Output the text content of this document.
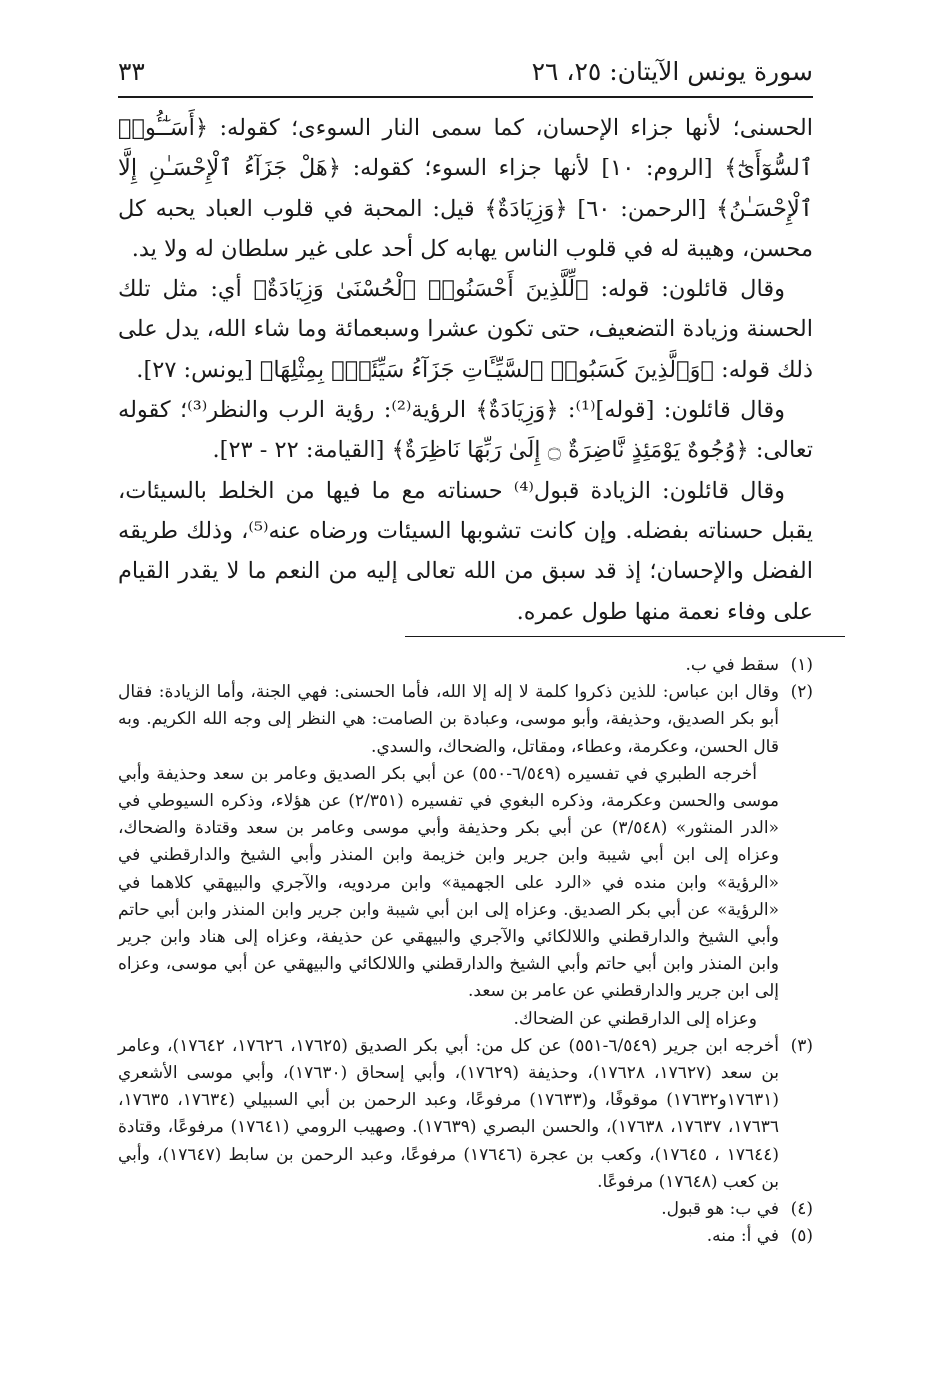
سورة يونس الآيتان: ٢٥، ٢٦
٣٣

الحسنى؛ لأنها جزاء الإحسان، كما سمى النار السوءى؛ كقوله: ﴿أَسَـٰٓـُٔوا۟ ٱلسُّوٓأَىٰٓ﴾ [الروم: ١٠] لأنها جزاء السوء؛ كقوله: ﴿هَلْ جَزَآءُ ٱلْإِحْسَـٰنِ إِلَّا ٱلْإِحْسَـٰنُ﴾ [الرحمن: ٦٠] ﴿وَزِيَادَةٌ﴾ قيل: المحبة في قلوب العباد يحبه كل محسن، وهيبة له في قلوب الناس يهابه كل أحد على غير سلطان له ولا يد.

وقال قائلون: قوله: ﴿لِّلَّذِينَ أَحْسَنُوا۟ ٱلْحُسْنَىٰ وَزِيَادَةٌ﴾ أي: مثل تلك الحسنة وزيادة التضعيف، حتى تكون عشرا وسبعمائة وما شاء الله، يدل على ذلك قوله: ﴿وَٱلَّذِينَ كَسَبُوا۟ ٱلسَّيِّـَٔاتِ جَزَآءُ سَيِّئَةٍۭ بِمِثْلِهَا﴾ [يونس: ٢٧].

وقال قائلون: [قوله]⁽¹⁾: ﴿وَزِيَادَةٌ﴾ الرؤية⁽²⁾: رؤية الرب والنظر⁽³⁾؛ كقوله تعالى: ﴿وُجُوهٌ يَوْمَئِذٍ نَّاضِرَةٌ ۝ إِلَىٰ رَبِّهَا نَاظِرَةٌ﴾ [القيامة: ٢٢ - ٢٣].

وقال قائلون: الزيادة قبول⁽⁴⁾ حسناته مع ما فيها من الخلط بالسيئات، يقبل حسناته بفضله. وإن كانت تشوبها السيئات ورضاه عنه⁽⁵⁾، وذلك طريقه الفضل والإحسان؛ إذ قد سبق من الله تعالى إليه من النعم ما لا يقدر القيام على وفاء نعمة منها طول عمره.

(١)

سقط في ب.

(٢)

وقال ابن عباس: للذين ذكروا كلمة لا إله إلا الله، فأما الحسنى: فهي الجنة، وأما الزيادة: فقال أبو بكر الصديق، وحذيفة، وأبو موسى، وعبادة بن الصامت: هي النظر إلى وجه الله الكريم. وبه قال الحسن، وعكرمة، وعطاء، ومقاتل، والضحاك، والسدي.

أخرجه الطبري في تفسيره (٦/٥٤٩-٥٥٠) عن أبي بكر الصديق وعامر بن سعد وحذيفة وأبي موسى والحسن وعكرمة، وذكره البغوي في تفسيره (٢/٣٥١) عن هؤلاء، وذكره السيوطي في «الدر المنثور» (٣/٥٤٨) عن أبي بكر وحذيفة وأبي موسى وعامر بن سعد وقتادة والضحاك، وعزاه إلى ابن أبي شيبة وابن جرير وابن خزيمة وابن المنذر وأبي الشيخ والدارقطني في «الرؤية» وابن منده في «الرد على الجهمية» وابن مردويه، والآجري والبيهقي كلاهما في «الرؤية» عن أبي بكر الصديق. وعزاه إلى ابن أبي شيبة وابن جرير وابن المنذر وابن أبي حاتم وأبي الشيخ والدارقطني واللالكائي والآجري والبيهقي عن حذيفة، وعزاه إلى هناد وابن جرير وابن المنذر وابن أبي حاتم وأبي الشيخ والدارقطني واللالكائي والبيهقي عن أبي موسى، وعزاه إلى ابن جرير والدارقطني عن عامر بن سعد.

وعزاه إلى الدارقطني عن الضحاك.

(٣)

أخرجه ابن جرير (٦/٥٤٩-٥٥١) عن كل من: أبي بكر الصديق (١٧٦٢٥، ١٧٦٢٦، ١٧٦٤٢)، وعامر بن سعد (١٧٦٢٧، ١٧٦٢٨)، وحذيفة (١٧٦٢٩)، وأبي إسحاق (١٧٦٣٠)، وأبي موسى الأشعري (١٧٦٣١و١٧٦٣٢) موقوفًا، و(١٧٦٣٣) مرفوعًا، وعبد الرحمن بن أبي السبيلي (١٧٦٣٤، ١٧٦٣٥، ١٧٦٣٦، ١٧٦٣٧، ١٧٦٣٨)، والحسن البصري (١٧٦٣٩). وصهيب الرومي (١٧٦٤١) مرفوعًا، وقتادة (١٧٦٤٤ ، ١٧٦٤٥)، وكعب بن عجرة (١٧٦٤٦) مرفوعًا، وعبد الرحمن بن سابط (١٧٦٤٧)، وأبي بن كعب (١٧٦٤٨) مرفوعًا.

(٤)

في ب: هو قبول.

(٥)

في أ: منه.
